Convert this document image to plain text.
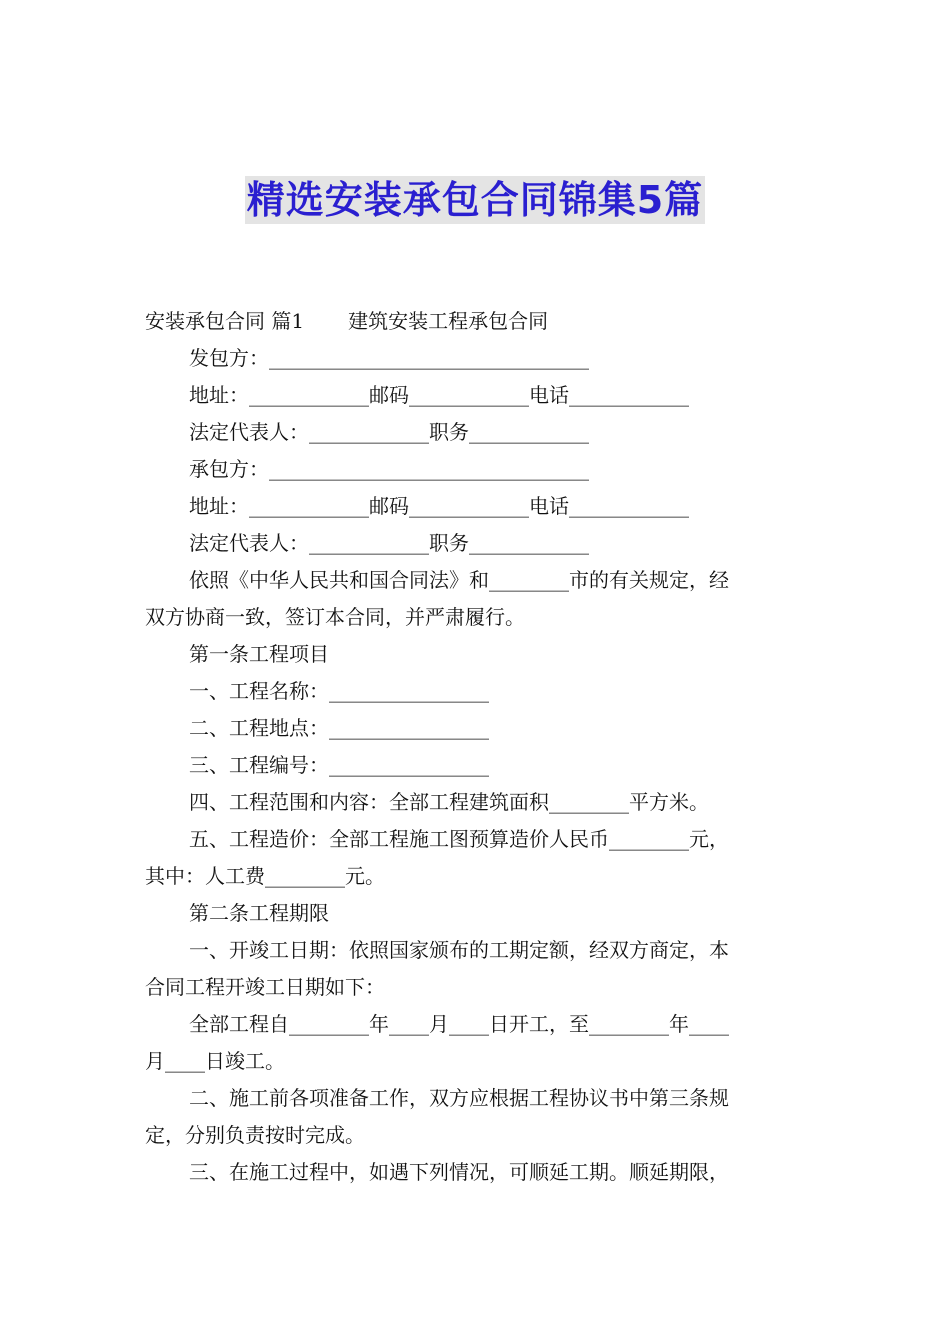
精选安装承包合同锦集5篇
安装承包合同 篇1 建筑安装工程承包合同
发包方：________________________________
地址：____________邮码____________电话____________
法定代表人：____________职务____________
承包方：________________________________
地址：____________邮码____________电话____________
法定代表人：____________职务____________
依照《中华人民共和国合同法》和________市的有关规定，经
双方协商一致，签订本合同，并严肃履行。
第一条工程项目
一、工程名称：________________
二、工程地点：________________
三、工程编号：________________
四、工程范围和内容：全部工程建筑面积________平方米。
五、工程造价：全部工程施工图预算造价人民币________元，
其中：人工费________元。
第二条工程期限
一、开竣工日期：依照国家颁布的工期定额，经双方商定，本
合同工程开竣工日期如下：
全部工程自________年____月____日开工，至________年____
月____日竣工。
二、施工前各项准备工作，双方应根据工程协议书中第三条规
定，分别负责按时完成。
三、在施工过程中，如遇下列情况，可顺延工期。顺延期限，
